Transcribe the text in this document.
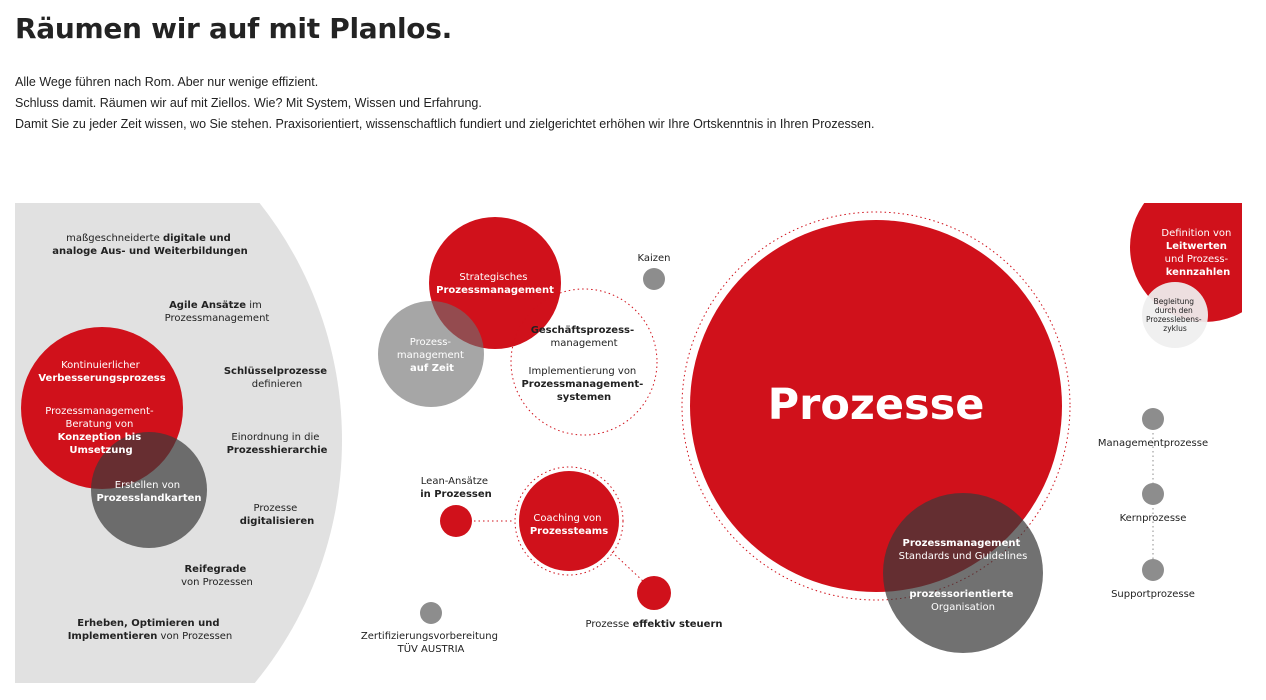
Räumen wir auf mit Planlos.

Alle Wege führen nach Rom. Aber nur wenige effizient.

Schluss damit. Räumen wir auf mit Ziellos. Wie? Mit System, Wissen und Erfahrung.

Damit Sie zu jeder Zeit wissen, wo Sie stehen. Praxisorientiert, wissenschaftlich fundiert und zielgerichtet erhöhen wir Ihre Ortskenntnis in Ihren Prozessen.

maßgeschneiderte digitale und analoge Aus- und Weiterbildungen
Agile Ansätze im Prozessmanagement
Schlüsselprozesse definieren
Einordnung in die Prozesshierarchie
Prozesse digitalisieren
Reifegrade von Prozessen
Erheben, Optimieren und Implementieren von Prozessen
Kontinuierlicher Verbesserungsprozess
Prozessmanagement- Beratung von Konzeption bis Umsetzung
Erstellen von Prozesslandkarten
Strategisches Prozessmanagement
Prozess- management auf Zeit
Coaching von Prozessteams
Prozesse
Prozessmanagement Standards und Guidelines
prozessorientierte Organisation
Definition von Leitwerten und Prozess- kennzahlen
Kaizen
Geschäftsprozess- management
Implementierung von Prozessmanagement- systemen
Lean-Ansätze in Prozessen
Prozesse effektiv steuern
Zertifizierungsvorbereitung TÜV AUSTRIA
Begleitung durch den Prozesslebens- zyklus
Managementprozesse
Kernprozesse
Supportprozesse
